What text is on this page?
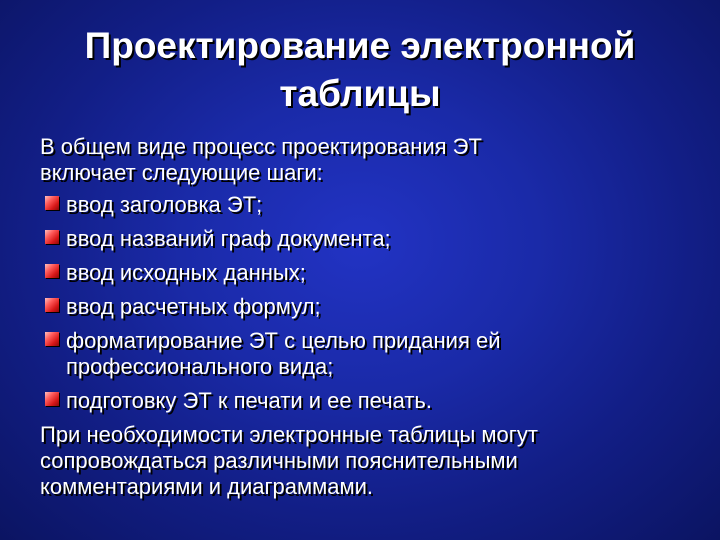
Проектирование электронной
таблицы
В общем виде процесс проектирования ЭТ
включает следующие шаги:
ввод заголовка ЭТ;
ввод названий граф документа;
ввод исходных данных;
ввод расчетных формул;
форматирование ЭТ с целью придания ей
профессионального вида;
подготовку ЭТ к печати и ее печать.
При необходимости электронные таблицы могут
сопровождаться различными пояснительными
комментариями и диаграммами.
